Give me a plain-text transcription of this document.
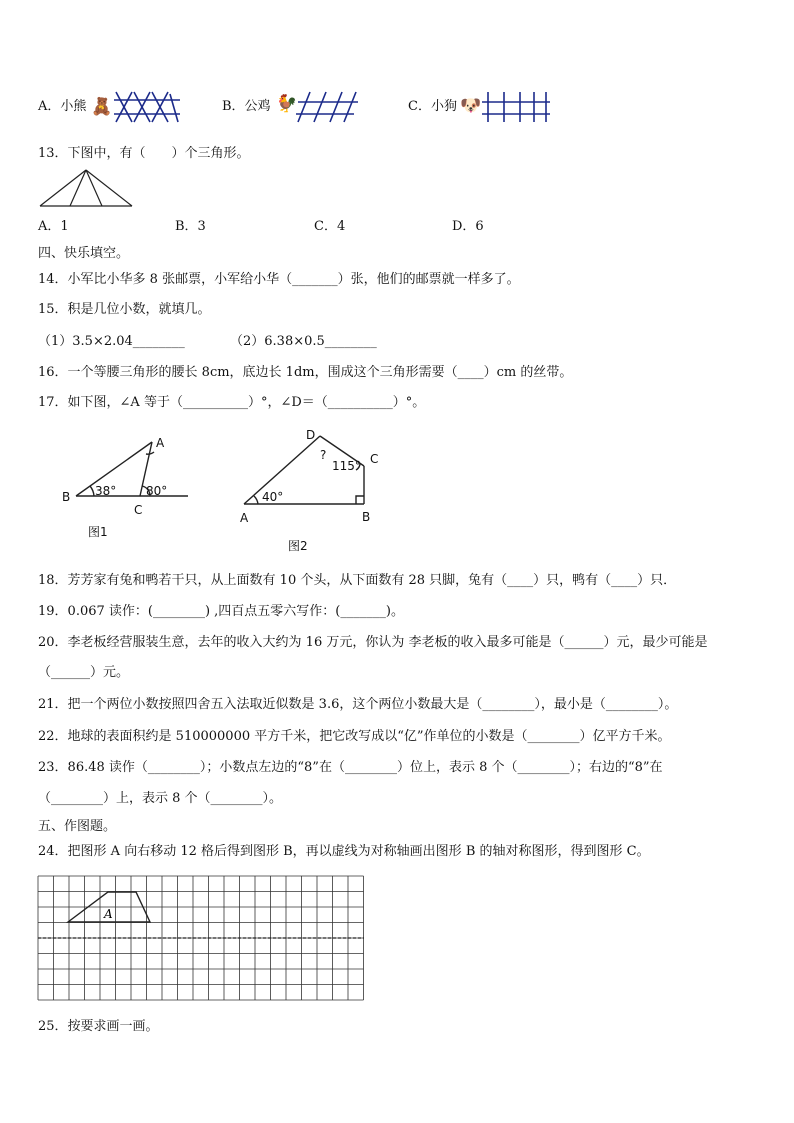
A．小熊 🧸	B．公鸡 🐓	C．小狗 🐶
13．下图中，有（　　）个三角形。
A．1	B．3	C．4	D．6
四、快乐填空。
14．小军比小华多 8 张邮票，小军给小华（_______）张，他们的邮票就一样多了。
15．积是几位小数，就填几。
（1）3.5×2.04________	（2）6.38×0.5________
16．一个等腰三角形的腰长 8cm，底边长 1dm，围成这个三角形需要（____）cm 的丝带。
17．如下图，∠A 等于（__________）°，∠D＝（__________）°。
A
B
C
38° 80°
图1
D
C
A	B
?
115°
40°
图2
18．芳芳家有兔和鸭若干只，从上面数有 10 个头，从下面数有 28 只脚，兔有（____）只，鸭有（____）只．
19．0.067 读作：(________) ,四百点五零六写作：(_______)。
20．李老板经营服装生意，去年的收入大约为 16 万元，你认为 李老板的收入最多可能是（______）元，最少可能是
（______）元。
21．把一个两位小数按照四舍五入法取近似数是 3.6，这个两位小数最大是（________），最小是（________）。
22．地球的表面积约是 510000000 平方千米，把它改写成以“亿”作单位的小数是（________）亿平方千米。
23．86.48 读作（________）；小数点左边的“8”在（________）位上，表示 8 个（________）；右边的“8”在
（________）上，表示 8 个（________）。
五、作图题。
24．把图形 A 向右移动 12 格后得到图形 B，再以虚线为对称轴画出图形 B 的轴对称图形，得到图形 C。
A
25．按要求画一画。
